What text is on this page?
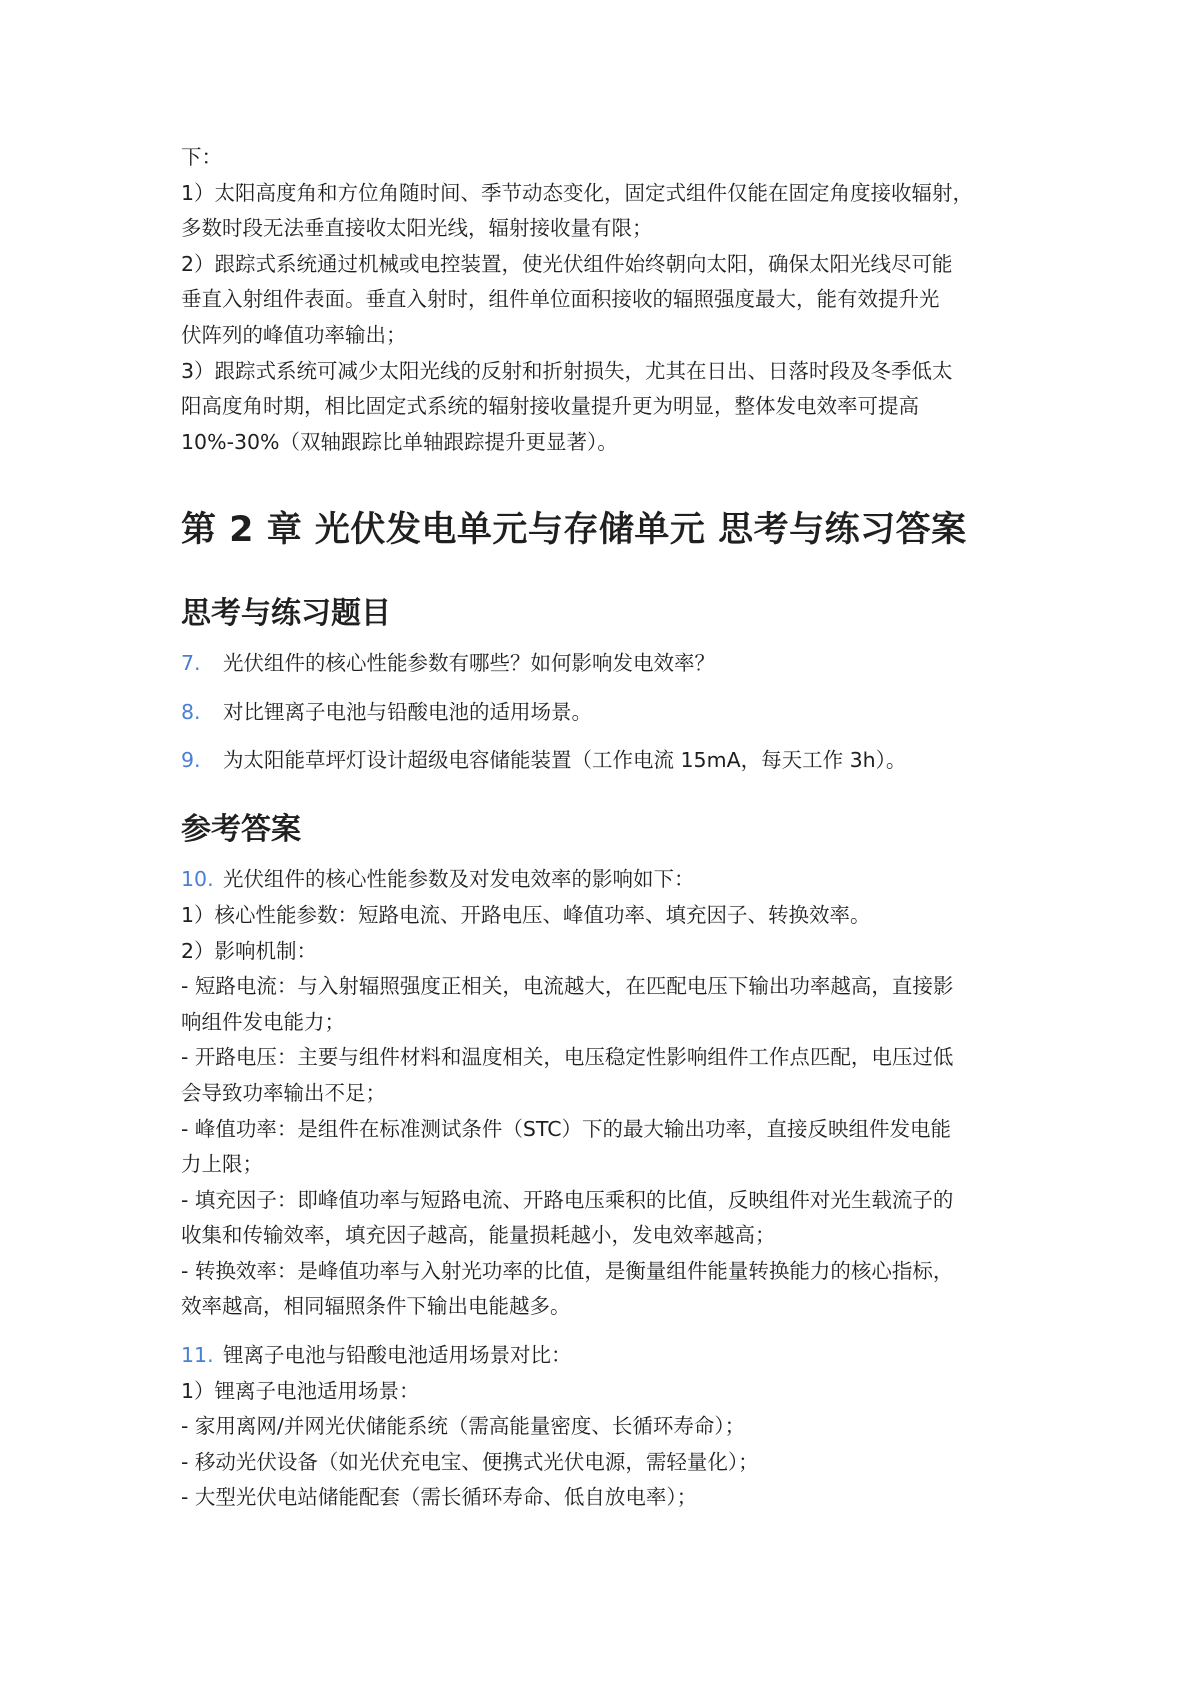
下：
1）太阳高度角和方位角随时间、季节动态变化，固定式组件仅能在固定角度接收辐射，
多数时段无法垂直接收太阳光线，辐射接收量有限；
2）跟踪式系统通过机械或电控装置，使光伏组件始终朝向太阳，确保太阳光线尽可能
垂直入射组件表面。垂直入射时，组件单位面积接收的辐照强度最大，能有效提升光
伏阵列的峰值功率输出；
3）跟踪式系统可减少太阳光线的反射和折射损失，尤其在日出、日落时段及冬季低太
阳高度角时期，相比固定式系统的辐射接收量提升更为明显，整体发电效率可提高
10%-30%（双轴跟踪比单轴跟踪提升更显著）。
第 2 章 光伏发电单元与存储单元 思考与练习答案
思考与练习题目
7. 光伏组件的核心性能参数有哪些？如何影响发电效率？
8. 对比锂离子电池与铅酸电池的适用场景。
9. 为太阳能草坪灯设计超级电容储能装置（工作电流 15mA，每天工作 3h）。
参考答案
10. 光伏组件的核心性能参数及对发电效率的影响如下：
1）核心性能参数：短路电流、开路电压、峰值功率、填充因子、转换效率。
2）影响机制：
- 短路电流：与入射辐照强度正相关，电流越大，在匹配电压下输出功率越高，直接影
响组件发电能力；
- 开路电压：主要与组件材料和温度相关，电压稳定性影响组件工作点匹配，电压过低
会导致功率输出不足；
- 峰值功率：是组件在标准测试条件（STC）下的最大输出功率，直接反映组件发电能
力上限；
- 填充因子：即峰值功率与短路电流、开路电压乘积的比值，反映组件对光生载流子的
收集和传输效率，填充因子越高，能量损耗越小，发电效率越高；
- 转换效率：是峰值功率与入射光功率的比值，是衡量组件能量转换能力的核心指标，
效率越高，相同辐照条件下输出电能越多。
11. 锂离子电池与铅酸电池适用场景对比：
1）锂离子电池适用场景：
- 家用离网/并网光伏储能系统（需高能量密度、长循环寿命）；
- 移动光伏设备（如光伏充电宝、便携式光伏电源，需轻量化）；
- 大型光伏电站储能配套（需长循环寿命、低自放电率）；
